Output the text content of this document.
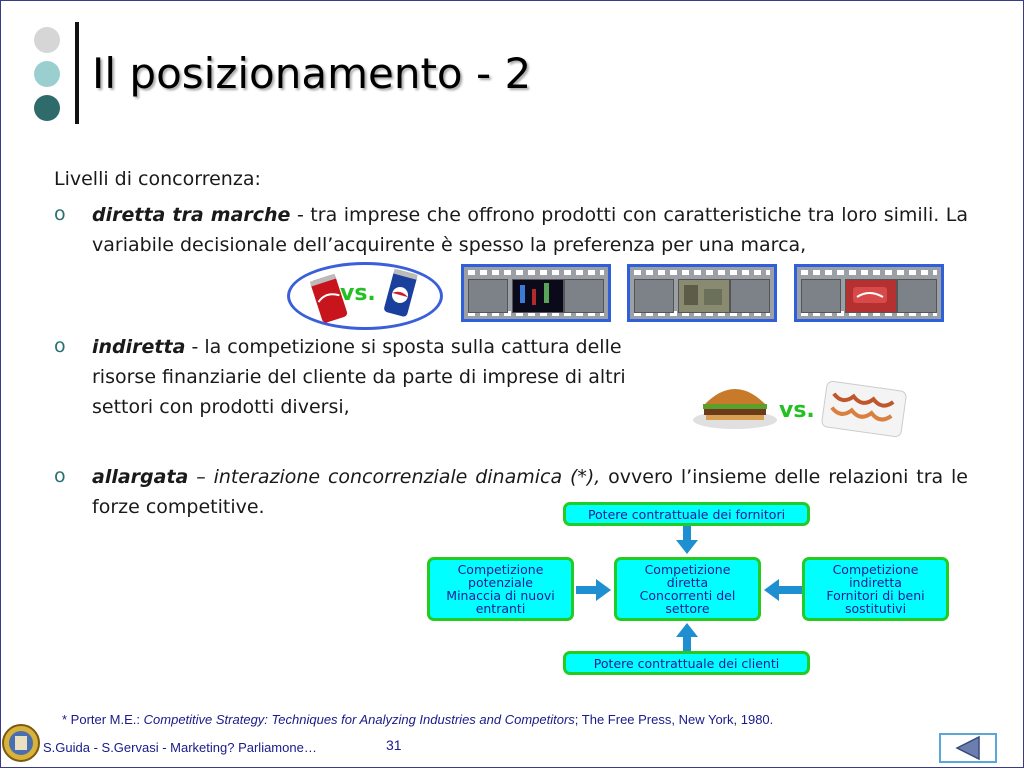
Il posizionamento - 2
Livelli di concorrenza:
o diretta tra marche - tra imprese che offrono prodotti con caratteristiche tra loro simili. La variabile decisionale dell’acquirente è spesso la preferenza per una marca,
o indiretta - la competizione si sposta sulla cattura delle risorse finanziarie del cliente da parte di imprese di altri settori con prodotti diversi,
o allargata – interazione concorrenziale dinamica (*), ovvero l’insieme delle relazioni tra le forze competitive.
vs.
vs.
Potere contrattuale dei fornitori
Competizione
potenziale
Minaccia di nuovi
entranti
Competizione
diretta
Concorrenti del
settore
Competizione
indiretta
Fornitori di beni
sostitutivi
Potere contrattuale dei clienti
* Porter M.E.: Competitive Strategy: Techniques for Analyzing Industries and Competitors; The Free Press, New York, 1980.
S.Guida - S.Gervasi - Marketing? Parliamone…	31
